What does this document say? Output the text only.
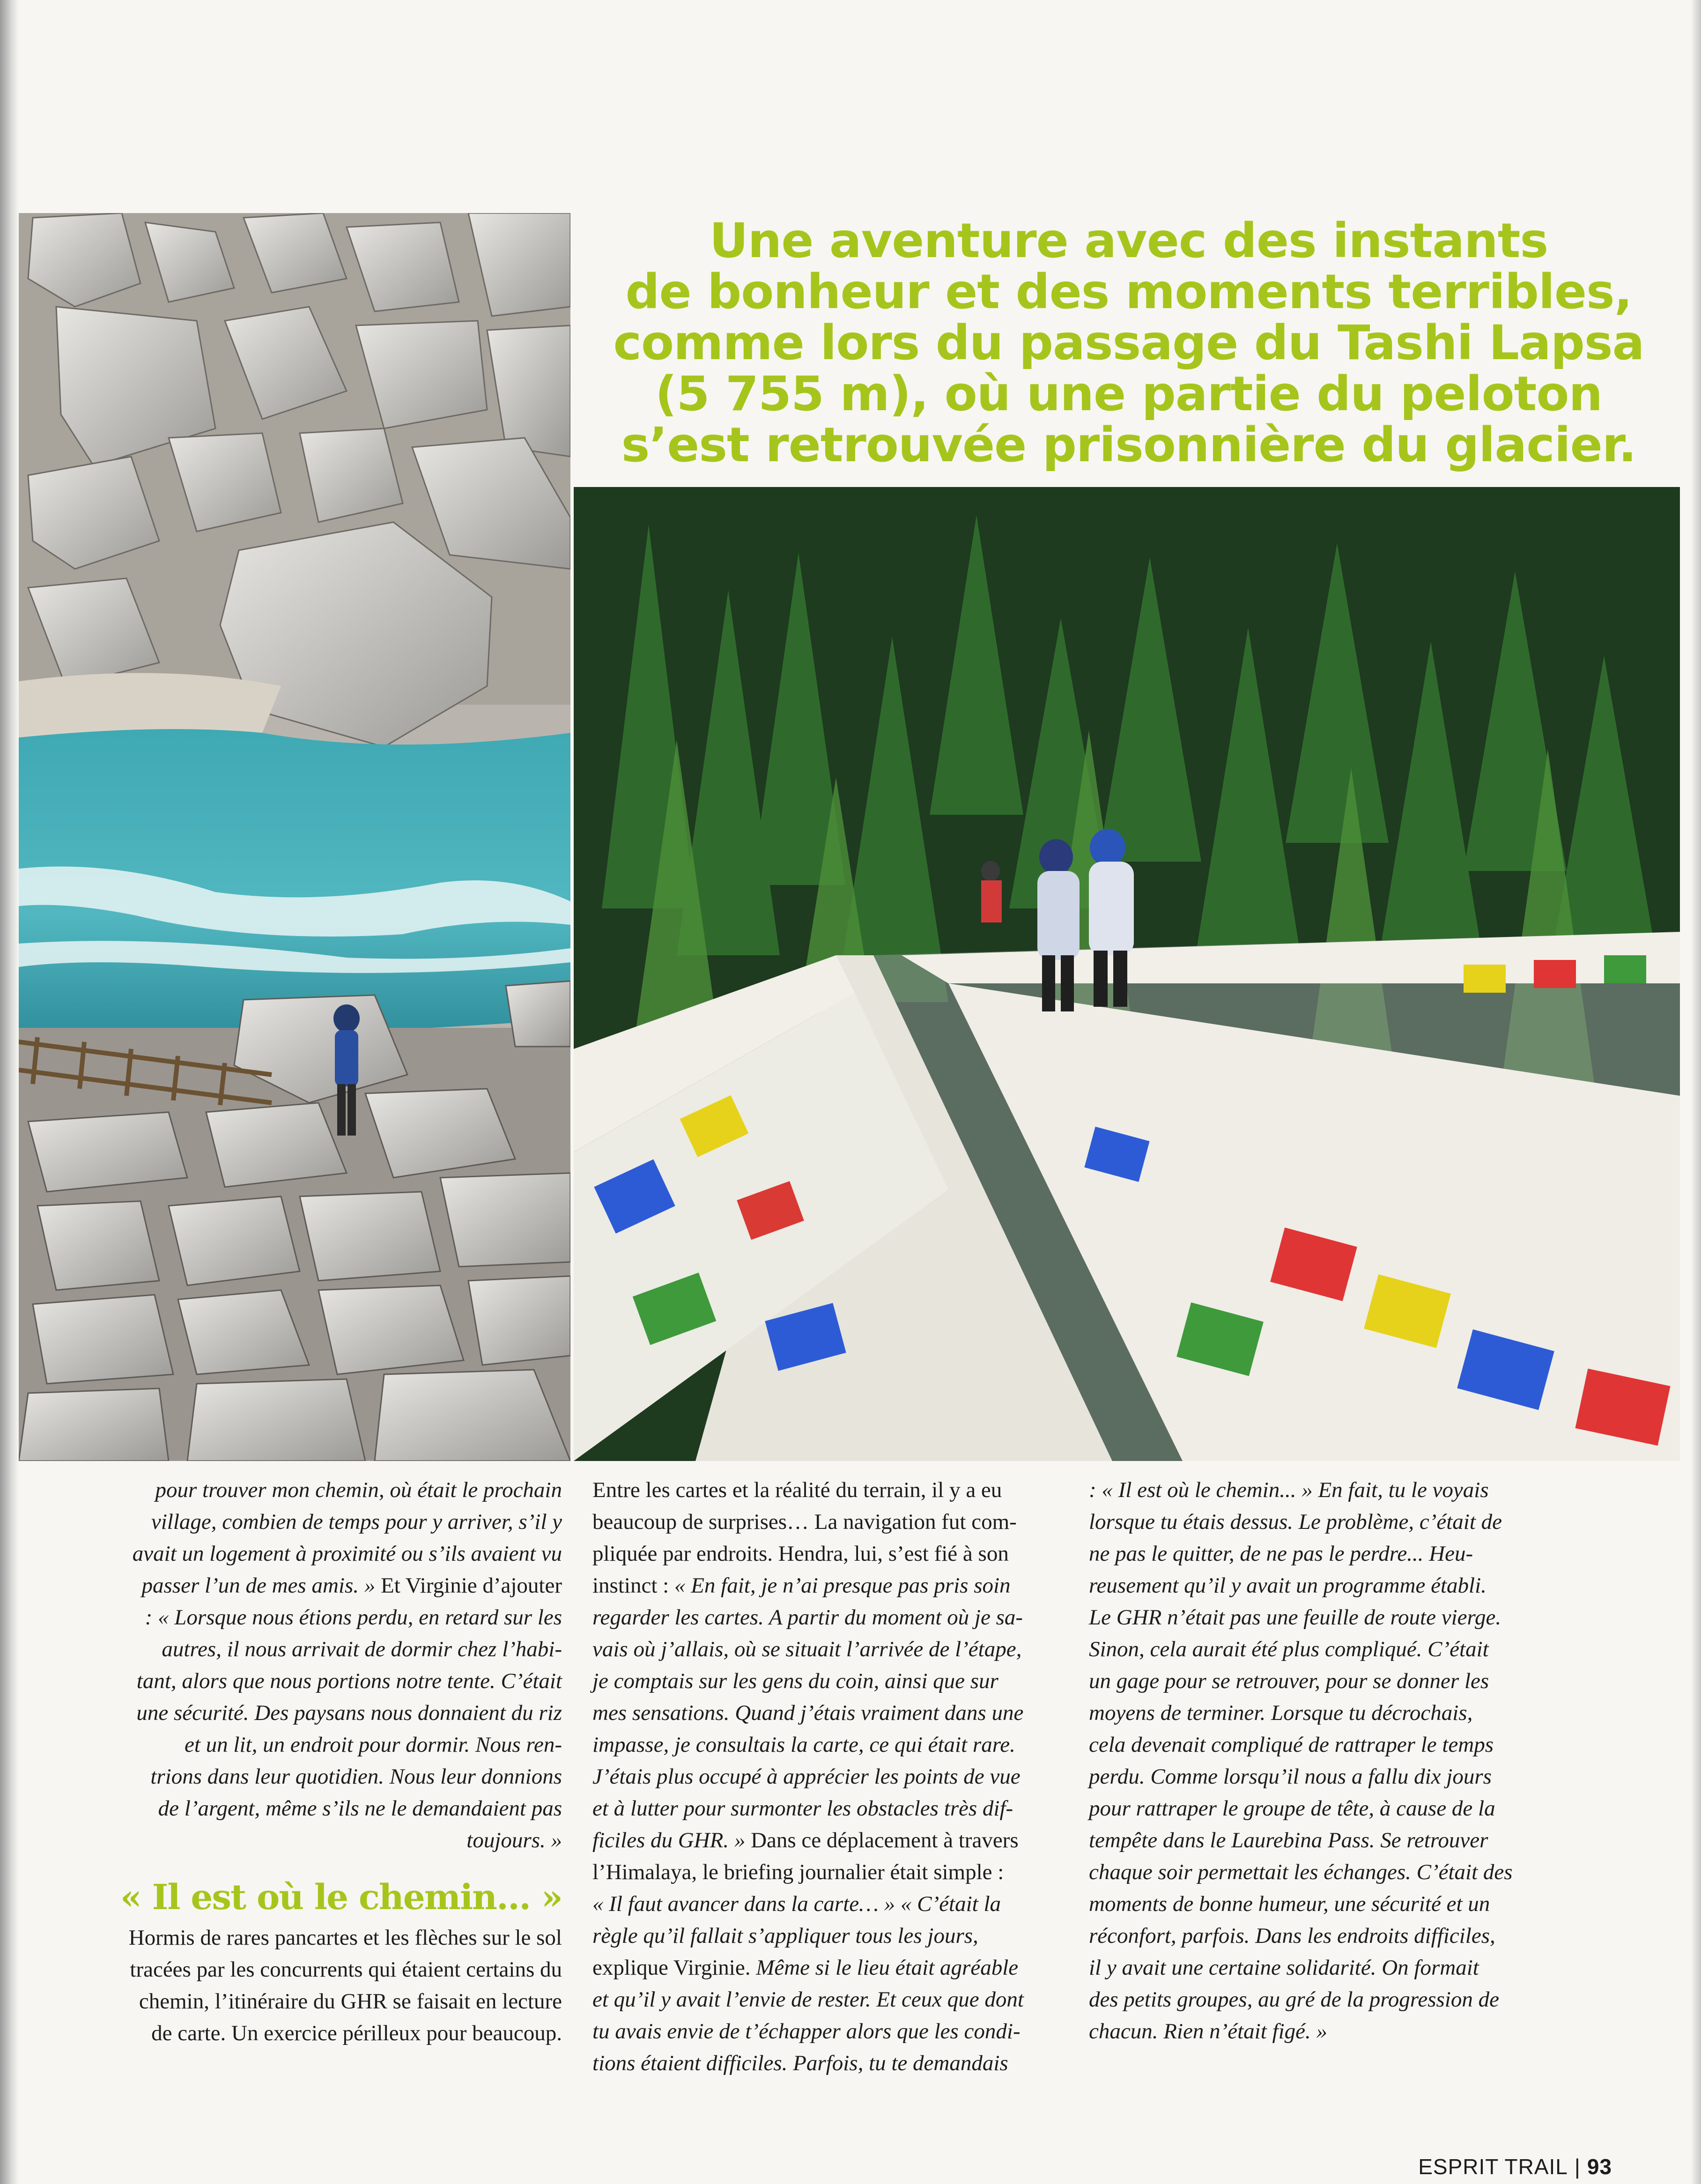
Une aventure avec des instants
de bonheur et des moments terribles,
comme lors du passage du Tashi Lapsa
(5 755 m), où une partie du peloton
s’est retrouvée prisonnière du glacier.
pour trouver mon chemin, où était le prochain
village, combien de temps pour y arriver, s’il y
avait un logement à proximité ou s’ils avaient vu
passer l’un de mes amis. » Et Virginie d’ajouter
: « Lorsque nous étions perdu, en retard sur les
autres, il nous arrivait de dormir chez l’habi-
tant, alors que nous portions notre tente. C’était
une sécurité. Des paysans nous donnaient du riz
et un lit, un endroit pour dormir. Nous ren-
trions dans leur quotidien. Nous leur donnions
de l’argent, même s’ils ne le demandaient pas
toujours. »
« Il est où le chemin… »
Hormis de rares pancartes et les flèches sur le sol
tracées par les concurrents qui étaient certains du
chemin, l’itinéraire du GHR se faisait en lecture
de carte. Un exercice périlleux pour beaucoup.
Entre les cartes et la réalité du terrain, il y a eu
beaucoup de surprises… La navigation fut com-
pliquée par endroits. Hendra, lui, s’est fié à son
instinct : « En fait, je n’ai presque pas pris soin
regarder les cartes. A partir du moment où je sa-
vais où j’allais, où se situait l’arrivée de l’étape,
je comptais sur les gens du coin, ainsi que sur
mes sensations. Quand j’étais vraiment dans une
impasse, je consultais la carte, ce qui était rare.
J’étais plus occupé à apprécier les points de vue
et à lutter pour surmonter les obstacles très dif-
ficiles du GHR. » Dans ce déplacement à travers
l’Himalaya, le briefing journalier était simple :
« Il faut avancer dans la carte… » « C’était la
règle qu’il fallait s’appliquer tous les jours,
explique Virginie. Même si le lieu était agréable
et qu’il y avait l’envie de rester. Et ceux que dont
tu avais envie de t’échapper alors que les condi-
tions étaient difficiles. Parfois, tu te demandais
: « Il est où le chemin... » En fait, tu le voyais
lorsque tu étais dessus. Le problème, c’était de
ne pas le quitter, de ne pas le perdre... Heu-
reusement qu’il y avait un programme établi.
Le GHR n’était pas une feuille de route vierge.
Sinon, cela aurait été plus compliqué. C’était
un gage pour se retrouver, pour se donner les
moyens de terminer. Lorsque tu décrochais,
cela devenait compliqué de rattraper le temps
perdu. Comme lorsqu’il nous a fallu dix jours
pour rattraper le groupe de tête, à cause de la
tempête dans le Laurebina Pass. Se retrouver
chaque soir permettait les échanges. C’était des
moments de bonne humeur, une sécurité et un
réconfort, parfois. Dans les endroits difficiles,
il y avait une certaine solidarité. On formait
des petits groupes, au gré de la progression de
chacun. Rien n’était figé. »
ESPRIT TRAIL | 93
